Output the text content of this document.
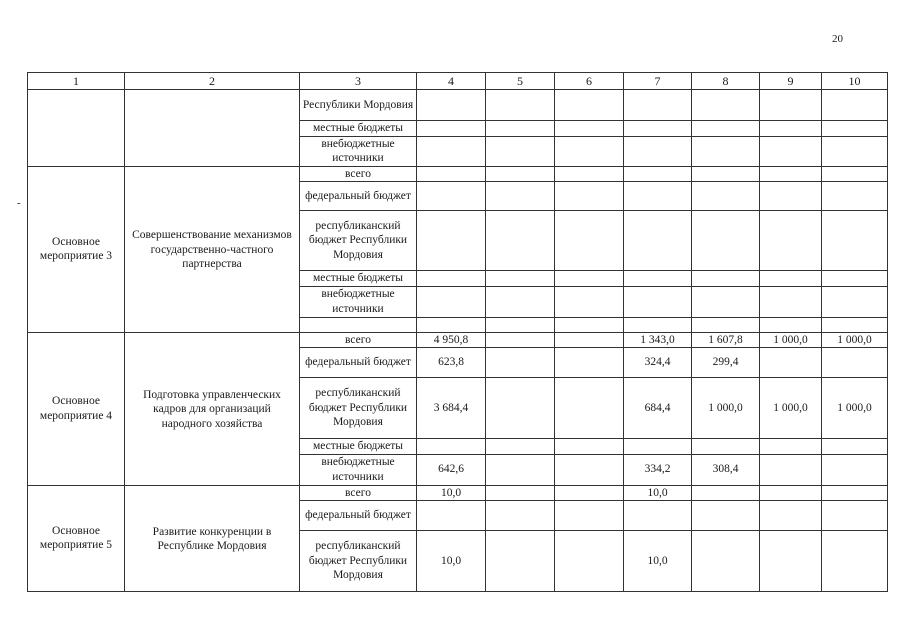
20
-
1	2	3	4	5	6	7	8	9	10
		Республики Мордовия							
		местные бюджеты							
		внебюджетные источники							
Основное мероприятие 3	Совершенствование механизмов государственно-частного партнерства	всего							
		федеральный бюджет							
		республиканский бюджет Республики Мордовия							
		местные бюджеты							
		внебюджетные источники							

Основное мероприятие 4	Подготовка управленческих кадров для организаций народного хозяйства	всего	4 950,8			1 343,0	1 607,8	1 000,0	1 000,0
		федеральный бюджет	623,8			324,4	299,4		
		республиканский бюджет Республики Мордовия	3 684,4			684,4	1 000,0	1 000,0	1 000,0
		местные бюджеты							
		внебюджетные источники	642,6			334,2	308,4		
Основное мероприятие 5	Развитие конкуренции в Республике Мордовия	всего	10,0			10,0			
		федеральный бюджет							
		республиканский бюджет Республики Мордовия	10,0			10,0			
